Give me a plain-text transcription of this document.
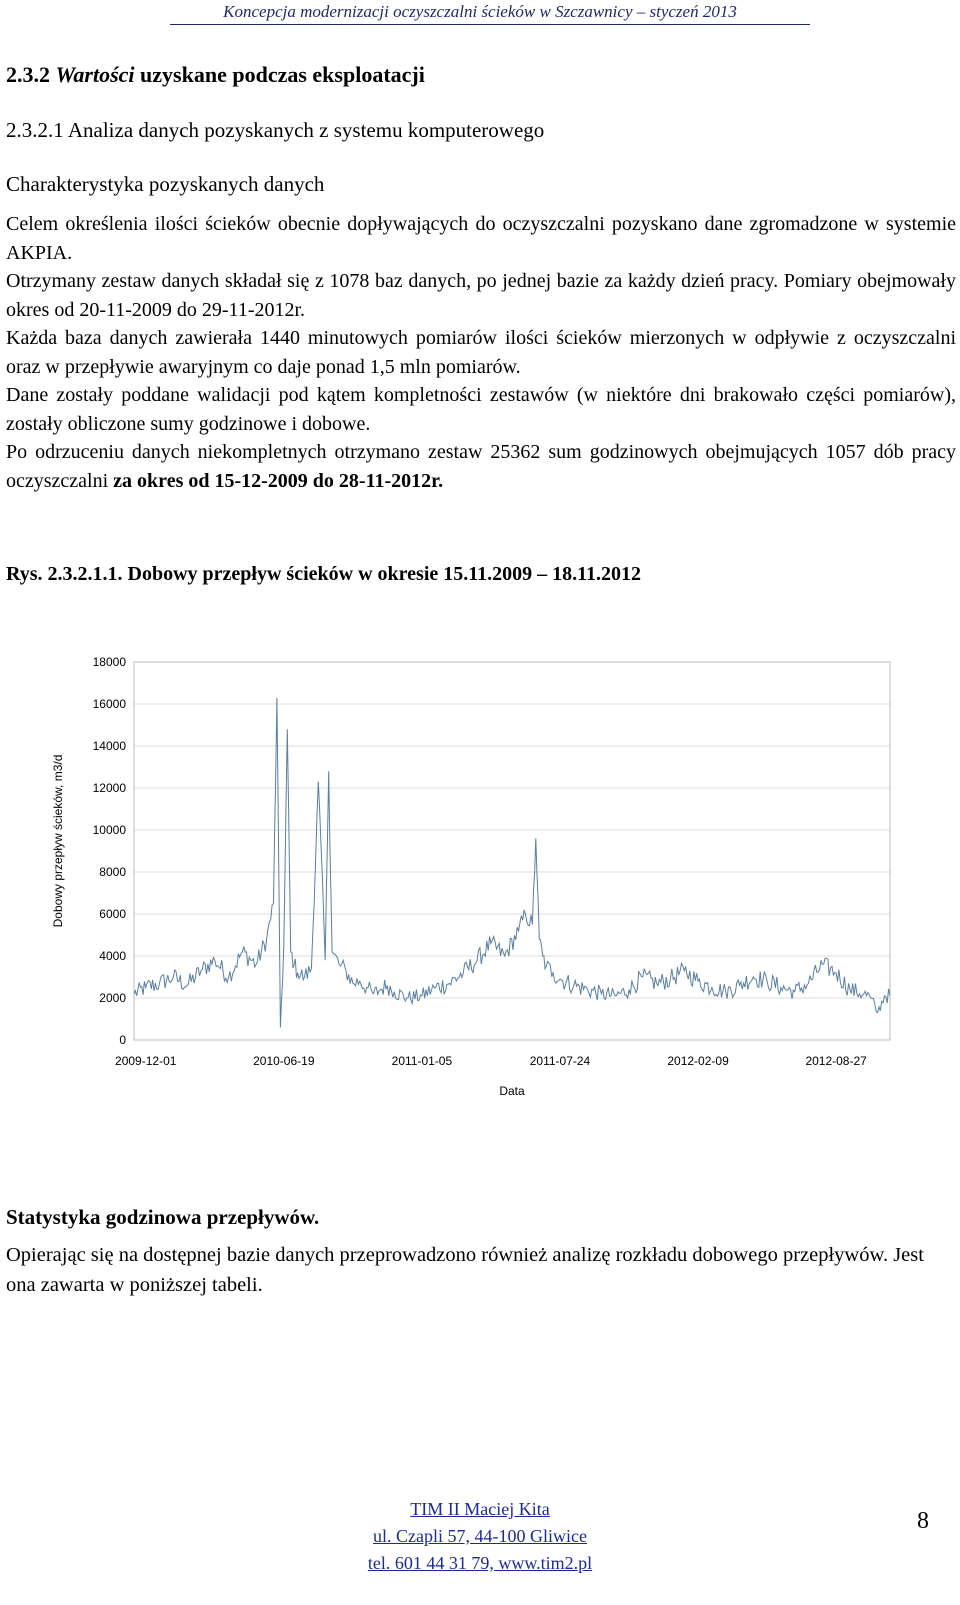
Koncepcja modernizacji oczyszczalni ścieków w Szczawnicy – styczeń 2013
2.3.2 Wartości uzyskane podczas eksploatacji
2.3.2.1 Analiza danych pozyskanych z systemu komputerowego
Charakterystyka pozyskanych danych

Celem określenia ilości ścieków obecnie dopływających do oczyszczalni pozyskano dane zgromadzone w systemie AKPIA.

Otrzymany zestaw danych składał się z 1078 baz danych, po jednej bazie za każdy dzień pracy. Pomiary obejmowały okres od 20-11-2009 do 29-11-2012r.

Każda baza danych zawierała 1440 minutowych pomiarów ilości ścieków mierzonych w odpływie z oczyszczalni oraz w przepływie awaryjnym co daje ponad 1,5 mln pomiarów.

Dane zostały poddane walidacji pod kątem kompletności zestawów (w niektóre dni brakowało części pomiarów), zostały obliczone sumy godzinowe i dobowe.

Po odrzuceniu danych niekompletnych otrzymano zestaw 25362 sum godzinowych obejmujących 1057 dób pracy oczyszczalni za okres od 15-12-2009 do 28-11-2012r.

Rys. 2.3.2.1.1. Dobowy przepływ ścieków w okresie 15.11.2009 – 18.11.2012
0
2000
4000
6000
8000
10000
12000
14000
16000
18000
2009-12-01	2010-06-19	2011-01-05	2011-07-24	2012-02-09	2012-08-27
Data
Dobowy przepływ ścieków, m3/d
Statystyka godzinowa przepływów.
Opierając się na dostępnej bazie danych przeprowadzono również analizę rozkładu dobowego przepływów. Jest ona zawarta w poniższej tabeli.
TIM II Maciej Kita
ul. Czapli 57, 44-100 Gliwice
tel. 601 44 31 79, www.tim2.pl
8
